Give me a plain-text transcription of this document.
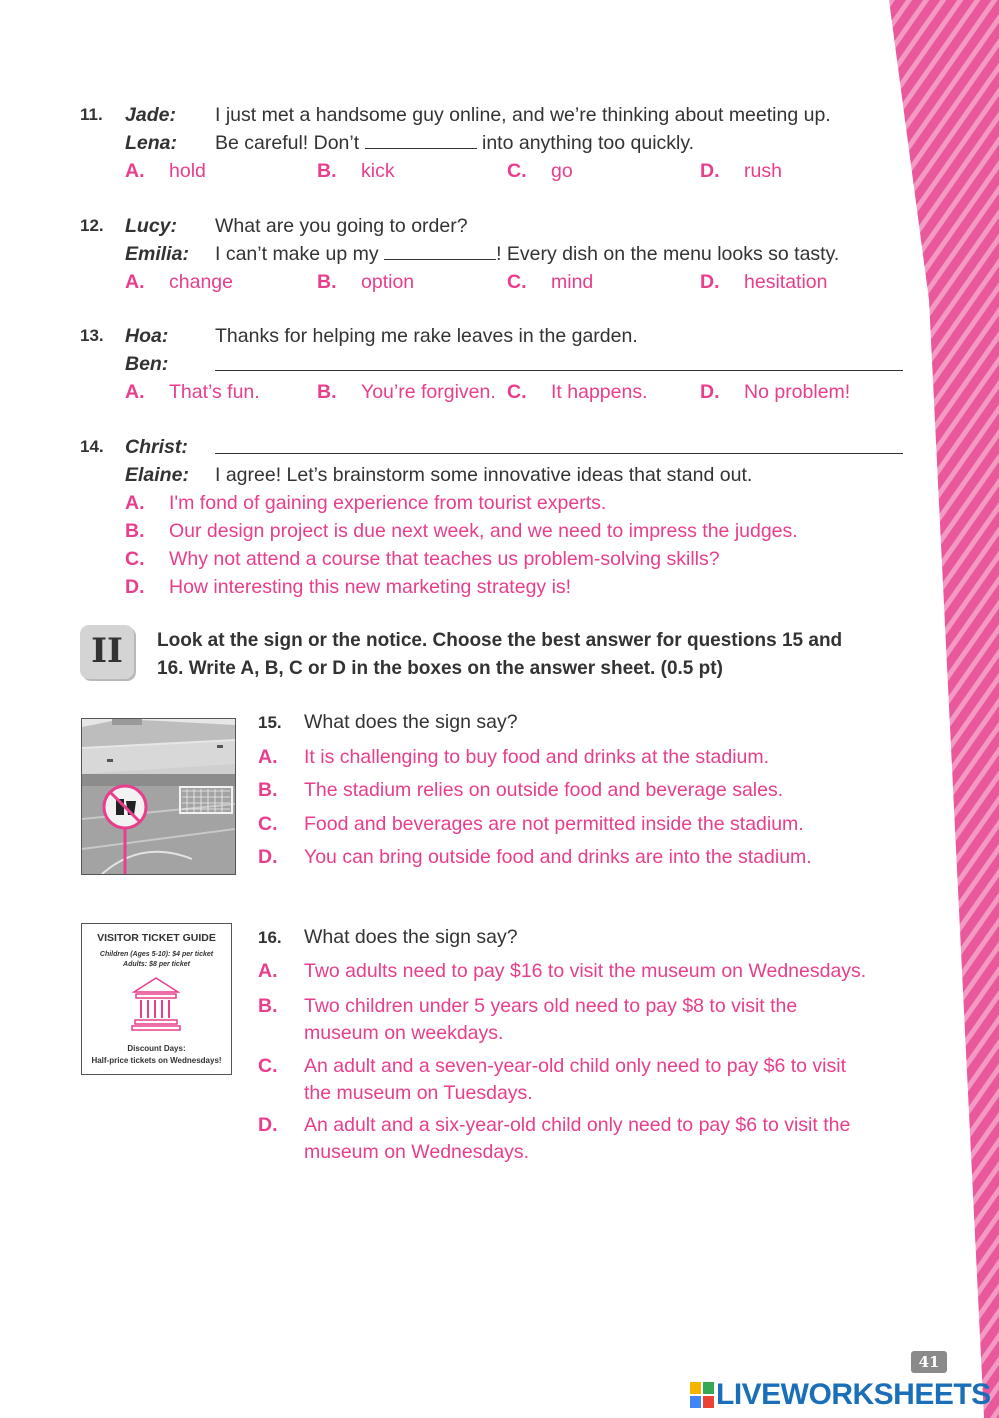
11. Jade: I just met a handsome guy online, and we’re thinking about meeting up.
Lena: Be careful! Don’t	into anything too quickly.
A. hold	B. kick	C. go	D. rush
12. Lucy: What are you going to order?
Emilia: I can’t make up my	! Every dish on the menu looks so tasty.
A. change	B. option	C. mind	D. hesitation
13. Hoa: Thanks for helping me rake leaves in the garden.
Ben:
A. That’s fun.	B. You’re forgiven. C. It happens.	D. No problem!
14. Christ:
Elaine: I agree! Let’s brainstorm some innovative ideas that stand out.
A. I'm fond of gaining experience from tourist experts.
B. Our design project is due next week, and we need to impress the judges.
C. Why not attend a course that teaches us problem-solving skills?
D. How interesting this new marketing strategy is!
II	Look at the sign or the notice. Choose the best answer for questions 15 and
16. Write A, B, C or D in the boxes on the answer sheet. (0.5 pt)
15. What does the sign say?
A. It is challenging to buy food and drinks at the stadium.
B. The stadium relies on outside food and beverage sales.
C. Food and beverages are not permitted inside the stadium.
D. You can bring outside food and drinks are into the stadium.
VISITOR TICKET GUIDE
Children (Ages 5-10): $4 per ticket
Adults: $8 per ticket
Discount Days:
Half-price tickets on Wednesdays!
16. What does the sign say?
A. Two adults need to pay $16 to visit the museum on Wednesdays.
B. Two children under 5 years old need to pay $8 to visit the
museum on weekdays.
C. An adult and a seven-year-old child only need to pay $6 to visit
the museum on Tuesdays.
D. An adult and a six-year-old child only need to pay $6 to visit the
museum on Wednesdays.
41
LIVEWORKSHEETS
